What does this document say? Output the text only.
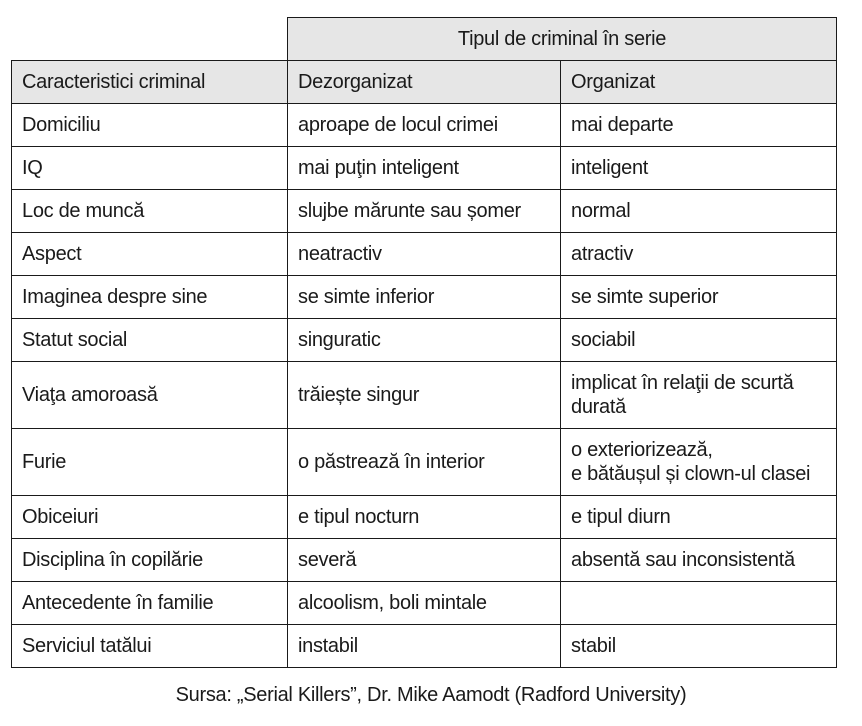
	Tipul de criminal în serie	
Caracteristici criminal	Dezorganizat	Organizat
Domiciliu	aproape de locul crimei	mai departe
IQ	mai puţin inteligent	inteligent
Loc de muncă	slujbe mărunte sau șomer	normal
Aspect	neatractiv	atractiv
Imaginea despre sine	se simte inferior	se simte superior
Statut social	singuratic	sociabil
Viaţa amoroasă	trăiește singur	implicat în relaţii de scurtă durată
Furie	o păstrează în interior	o exteriorizează,
e bătăușul și clown-ul clasei
Obiceiuri	e tipul nocturn	e tipul diurn
Disciplina în copilărie	severă	absentă sau inconsistentă
Antecedente în familie	alcoolism, boli mintale	
Serviciul tatălui	instabil	stabil
Sursa: „Serial Killers”, Dr. Mike Aamodt (Radford University)
